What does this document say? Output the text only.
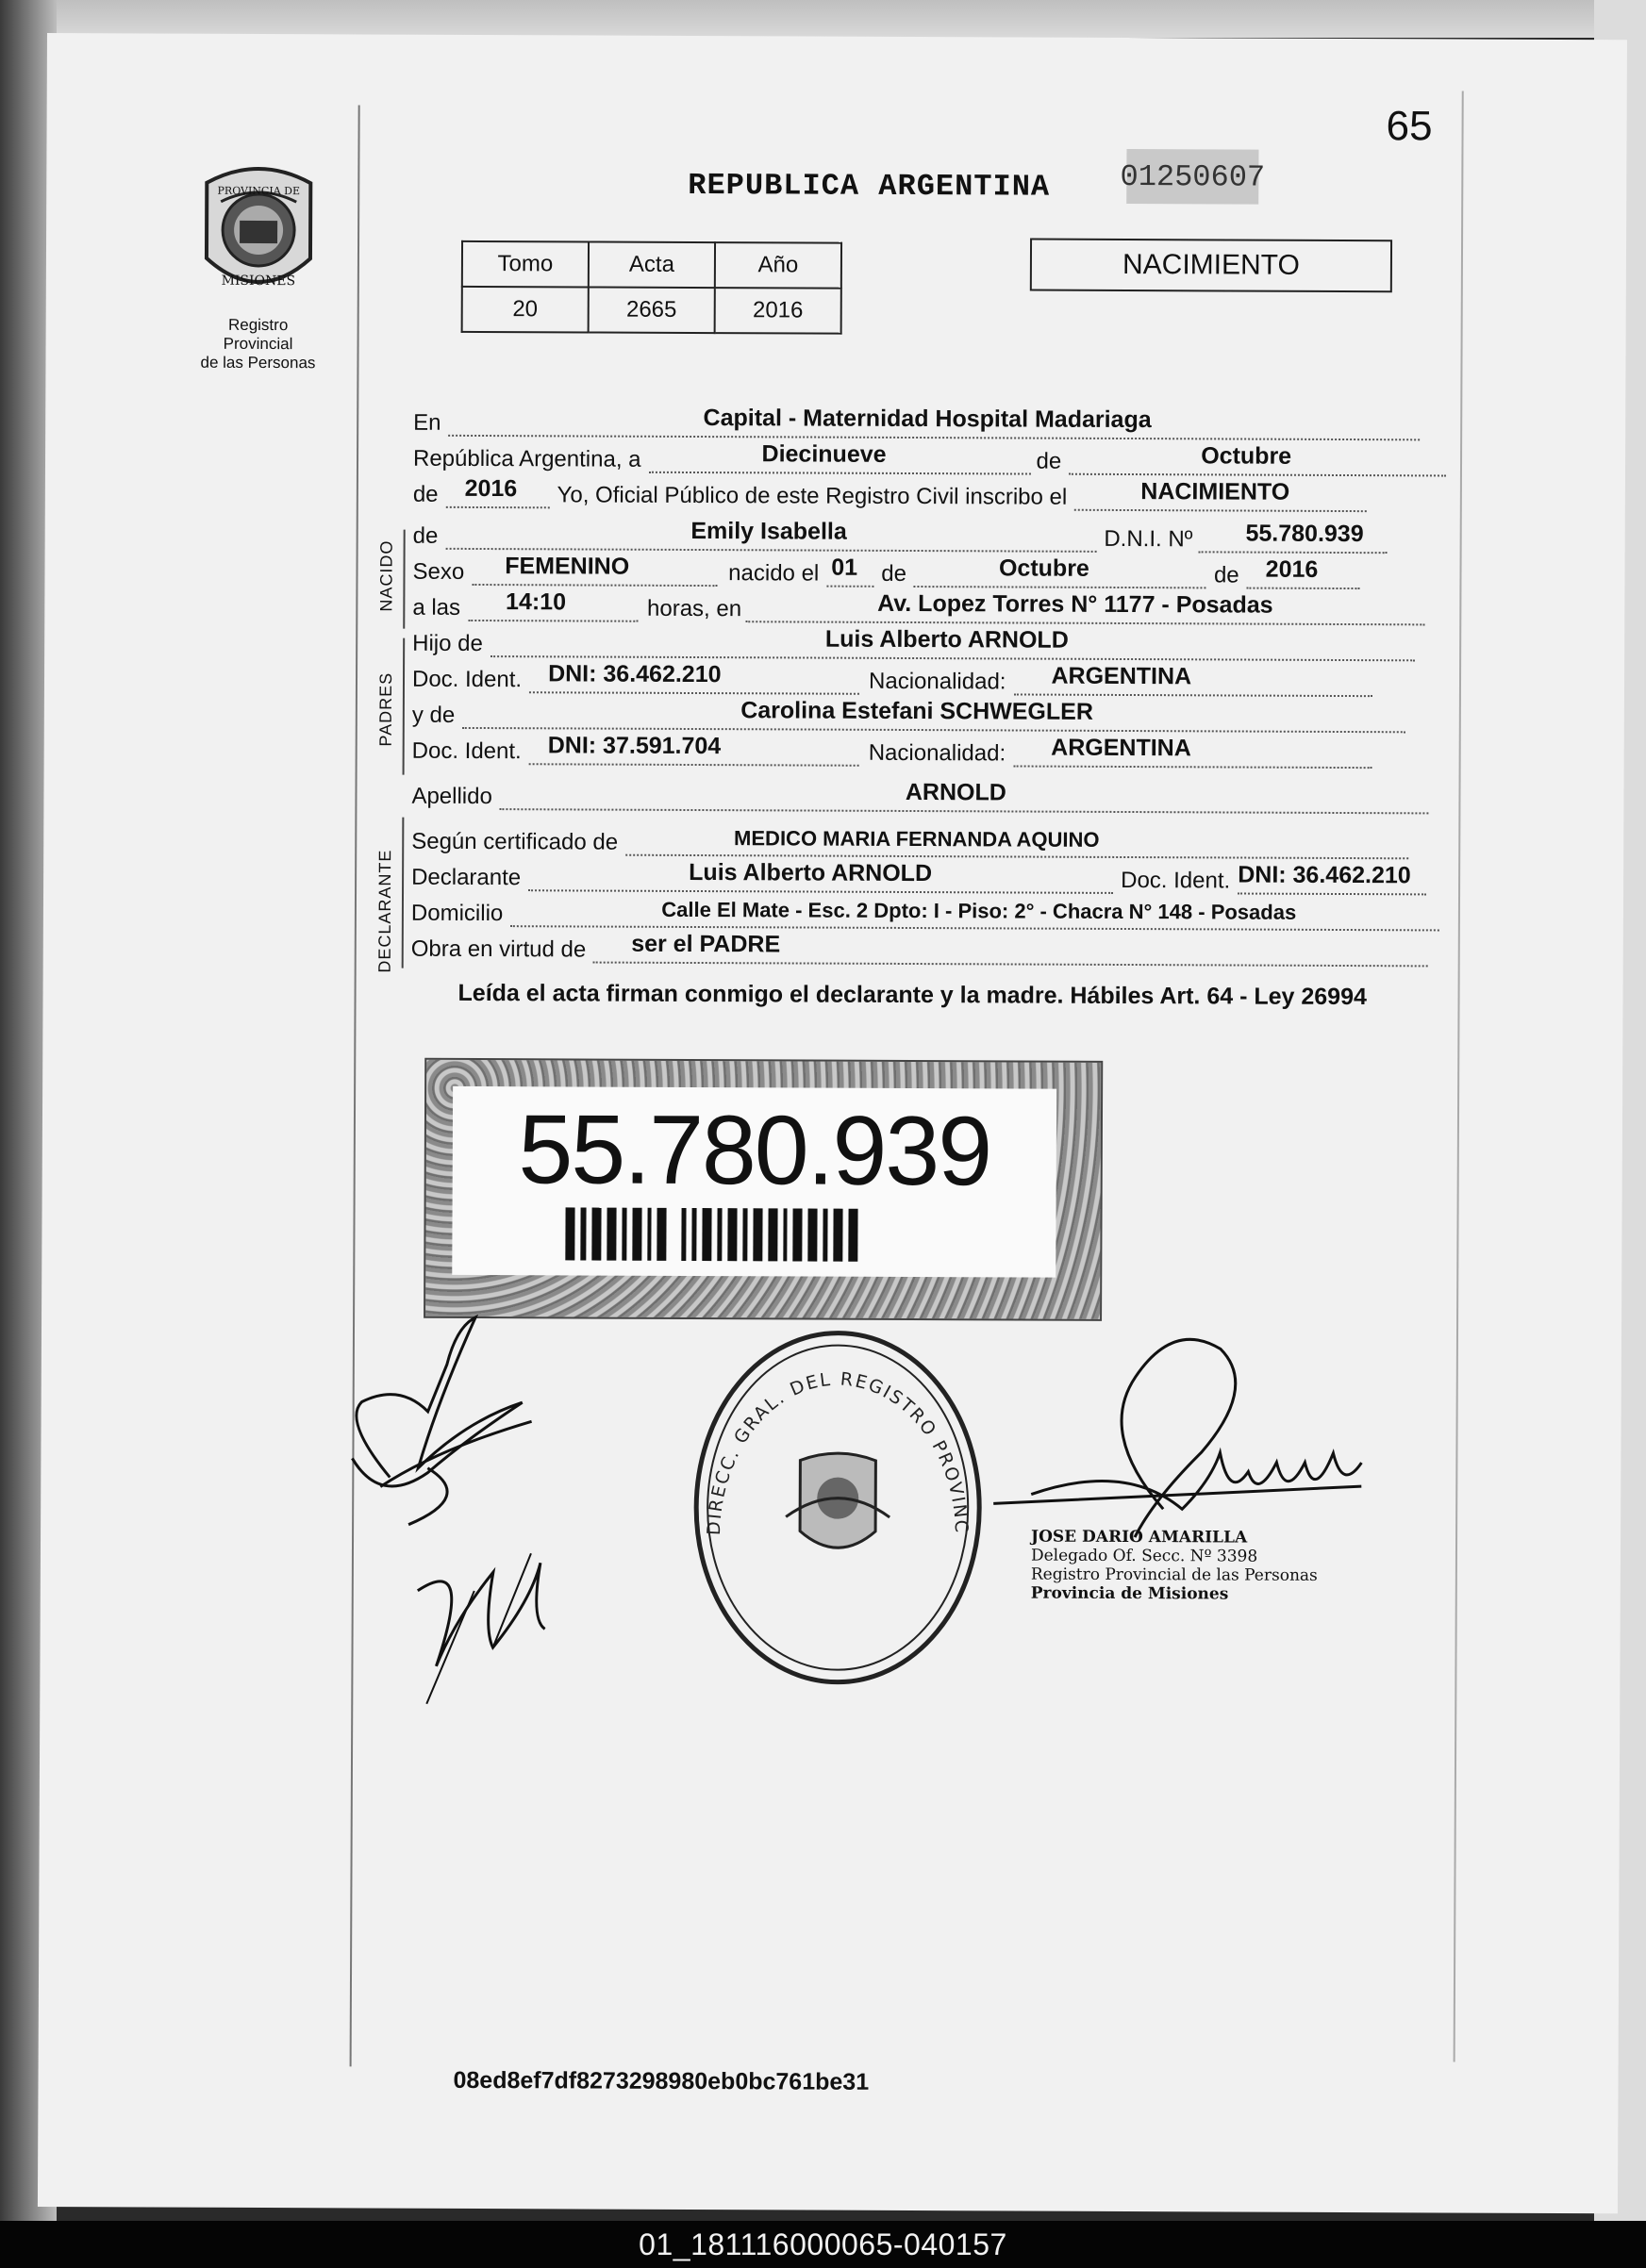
65
PROVINCIA DE
MISIONES
Registro Provincial
de las Personas
REPUBLICA ARGENTINA 01250607
Tomo	Acta	Año
20	2665	2016
NACIMIENTO
En	Capital - Maternidad Hospital Madariaga
República Argentina, a	Diecinueve	de	Octubre
de 2016 Yo, Oficial Público de este Registro Civil inscribo el	NACIMIENTO
NACIDO
de	Emily Isabella	D.N.I. Nº 55.780.939
Sexo FEMENINO	nacido el 01 de	Octubre	de 2016
a las 14:10	horas, en	Av. Lopez Torres N° 1177 - Posadas
PADRES
Hijo de	Luis Alberto ARNOLD
Doc. Ident. DNI: 36.462.210	Nacionalidad: ARGENTINA
y de	Carolina Estefani SCHWEGLER
Doc. Ident. DNI: 37.591.704	Nacionalidad: ARGENTINA
Apellido	ARNOLD
DECLARANTE
Según certificado de	MEDICO MARIA FERNANDA AQUINO
Declarante	Luis Alberto ARNOLD	Doc. Ident. DNI: 36.462.210
Domicilio	Calle El Mate - Esc. 2 Dpto: I - Piso: 2° - Chacra N° 148 - Posadas
Obra en virtud de ser el PADRE
Leída el acta firman conmigo el declarante y la madre. Hábiles Art. 64 - Ley 26994
55.780.939
DIRECC. GRAL. DEL REGISTRO PROVINCIAL
JOSE DARIO AMARILLA
Delegado Of. Secc. Nº 3398
Registro Provincial de las Personas
Provincia de Misiones
08ed8ef7df8273298980eb0bc761be31
01_181116000065-040157
